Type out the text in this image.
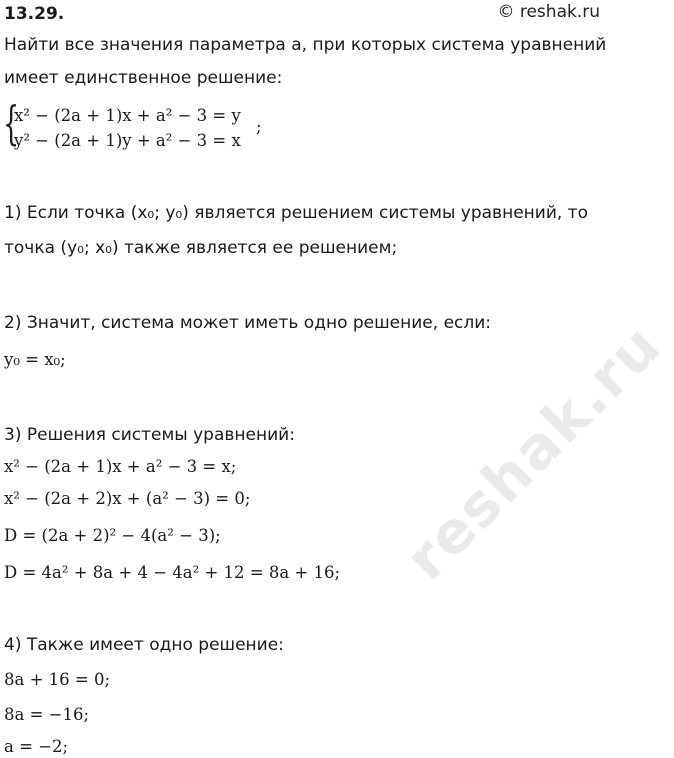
13.29.	© reshak.ru
Найти все значения параметра a, при которых система уравнений
имеет единственное решение:
{
x² − (2a + 1)x + a² − 3 = y
y² − (2a + 1)y + a² − 3 = x
;
1) Если точка (x₀; y₀) является решением системы уравнений, то
точка (y₀; x₀) также является ее решением;
2) Значит, система может иметь одно решение, если:
y₀ = x₀;
3) Решения системы уравнений:
x² − (2a + 1)x + a² − 3 = x;
x² − (2a + 2)x + (a² − 3) = 0;
D = (2a + 2)² − 4(a² − 3);
D = 4a² + 8a + 4 − 4a² + 12 = 8a + 16;
4) Также имеет одно решение:
8a + 16 = 0;
8a = −16;
a = −2;
reshak.ru
